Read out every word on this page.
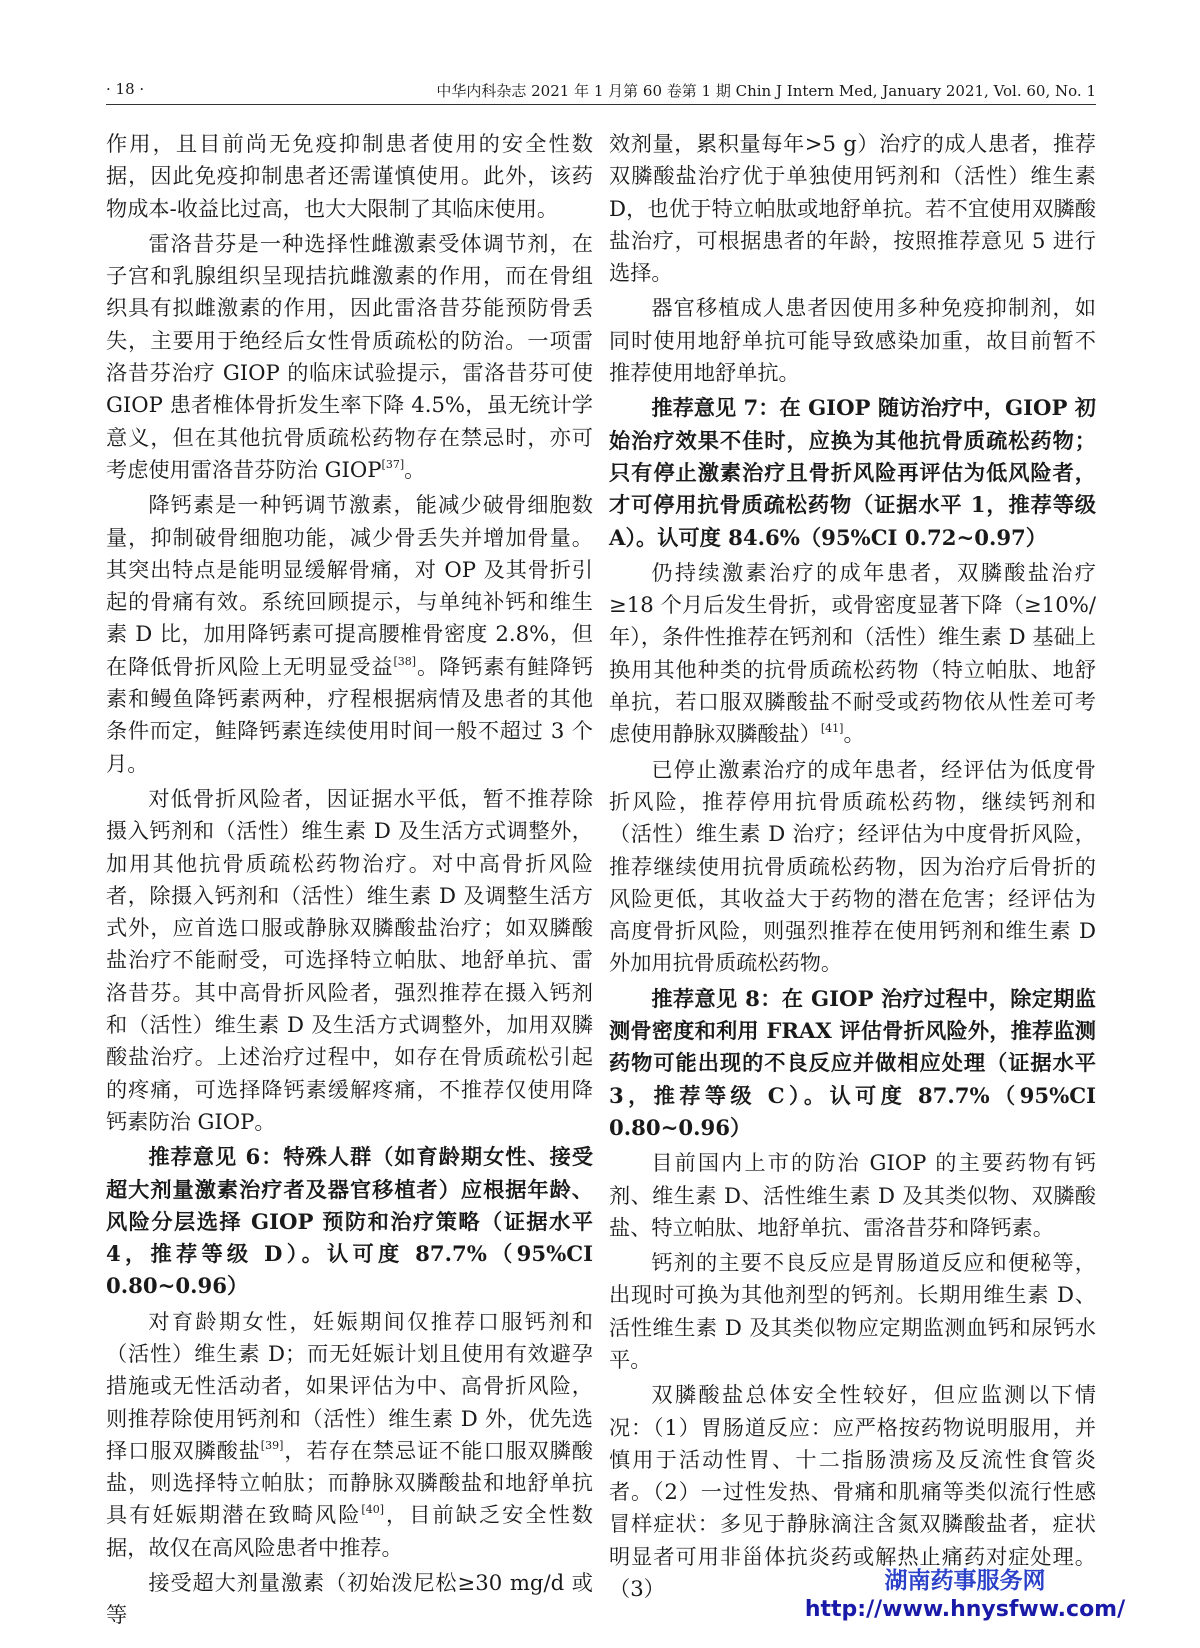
· 18 ·	中华内科杂志 2021 年 1 月第 60 卷第 1 期 Chin J Intern Med, January 2021, Vol. 60, No. 1

作用，且目前尚无免疫抑制患者使用的安全性数据，因此免疫抑制患者还需谨慎使用。此外，该药物成本-收益比过高，也大大限制了其临床使用。

雷洛昔芬是一种选择性雌激素受体调节剂，在子宫和乳腺组织呈现拮抗雌激素的作用，而在骨组织具有拟雌激素的作用，因此雷洛昔芬能预防骨丢失，主要用于绝经后女性骨质疏松的防治。一项雷洛昔芬治疗 GIOP 的临床试验提示，雷洛昔芬可使 GIOP 患者椎体骨折发生率下降 4.5%，虽无统计学意义，但在其他抗骨质疏松药物存在禁忌时，亦可考虑使用雷洛昔芬防治 GIOP[37]。

降钙素是一种钙调节激素，能减少破骨细胞数量，抑制破骨细胞功能，减少骨丢失并增加骨量。其突出特点是能明显缓解骨痛，对 OP 及其骨折引起的骨痛有效。系统回顾提示，与单纯补钙和维生素 D 比，加用降钙素可提高腰椎骨密度 2.8%，但在降低骨折风险上无明显受益[38]。降钙素有鲑降钙素和鳗鱼降钙素两种，疗程根据病情及患者的其他条件而定，鲑降钙素连续使用时间一般不超过 3 个月。

对低骨折风险者，因证据水平低，暂不推荐除摄入钙剂和（活性）维生素 D 及生活方式调整外，加用其他抗骨质疏松药物治疗。对中高骨折风险者，除摄入钙剂和（活性）维生素 D 及调整生活方式外，应首选口服或静脉双膦酸盐治疗；如双膦酸盐治疗不能耐受，可选择特立帕肽、地舒单抗、雷洛昔芬。其中高骨折风险者，强烈推荐在摄入钙剂和（活性）维生素 D 及生活方式调整外，加用双膦酸盐治疗。上述治疗过程中，如存在骨质疏松引起的疼痛，可选择降钙素缓解疼痛，不推荐仅使用降钙素防治 GIOP。

推荐意见 6：特殊人群（如育龄期女性、接受超大剂量激素治疗者及器官移植者）应根据年龄、风险分层选择 GIOP 预防和治疗策略（证据水平 4，推荐等级 D）。认可度 87.7%（95%CI 0.80~0.96）

对育龄期女性，妊娠期间仅推荐口服钙剂和（活性）维生素 D；而无妊娠计划且使用有效避孕措施或无性活动者，如果评估为中、高骨折风险，则推荐除使用钙剂和（活性）维生素 D 外，优先选择口服双膦酸盐[39]，若存在禁忌证不能口服双膦酸盐，则选择特立帕肽；而静脉双膦酸盐和地舒单抗具有妊娠期潜在致畸风险[40]，目前缺乏安全性数据，故仅在高风险患者中推荐。

接受超大剂量激素（初始泼尼松≥30 mg/d 或等

效剂量，累积量每年>5 g）治疗的成人患者，推荐双膦酸盐治疗优于单独使用钙剂和（活性）维生素 D，也优于特立帕肽或地舒单抗。若不宜使用双膦酸盐治疗，可根据患者的年龄，按照推荐意见 5 进行选择。

器官移植成人患者因使用多种免疫抑制剂，如同时使用地舒单抗可能导致感染加重，故目前暂不推荐使用地舒单抗。

推荐意见 7：在 GIOP 随访治疗中，GIOP 初始治疗效果不佳时，应换为其他抗骨质疏松药物；只有停止激素治疗且骨折风险再评估为低风险者，才可停用抗骨质疏松药物（证据水平 1，推荐等级 A）。认可度 84.6%（95%CI 0.72~0.97）

仍持续激素治疗的成年患者，双膦酸盐治疗≥18 个月后发生骨折，或骨密度显著下降（≥10%/年），条件性推荐在钙剂和（活性）维生素 D 基础上换用其他种类的抗骨质疏松药物（特立帕肽、地舒单抗，若口服双膦酸盐不耐受或药物依从性差可考虑使用静脉双膦酸盐）[41]。

已停止激素治疗的成年患者，经评估为低度骨折风险，推荐停用抗骨质疏松药物，继续钙剂和（活性）维生素 D 治疗；经评估为中度骨折风险，推荐继续使用抗骨质疏松药物，因为治疗后骨折的风险更低，其收益大于药物的潜在危害；经评估为高度骨折风险，则强烈推荐在使用钙剂和维生素 D 外加用抗骨质疏松药物。

推荐意见 8：在 GIOP 治疗过程中，除定期监测骨密度和利用 FRAX 评估骨折风险外，推荐监测药物可能出现的不良反应并做相应处理（证据水平 3，推荐等级 C）。认可度 87.7%（95%CI 0.80~0.96）

目前国内上市的防治 GIOP 的主要药物有钙剂、维生素 D、活性维生素 D 及其类似物、双膦酸盐、特立帕肽、地舒单抗、雷洛昔芬和降钙素。

钙剂的主要不良反应是胃肠道反应和便秘等，出现时可换为其他剂型的钙剂。长期用维生素 D、活性维生素 D 及其类似物应定期监测血钙和尿钙水平。

双膦酸盐总体安全性较好，但应监测以下情况：（1）胃肠道反应：应严格按药物说明服用，并慎用于活动性胃、十二指肠溃疡及反流性食管炎者。（2）一过性发热、骨痛和肌痛等类似流行性感冒样症状：多见于静脉滴注含氮双膦酸盐者，症状明显者可用非甾体抗炎药或解热止痛药对症处理。（3）	湖南药事服务网
http://www.hnysfww.com/
